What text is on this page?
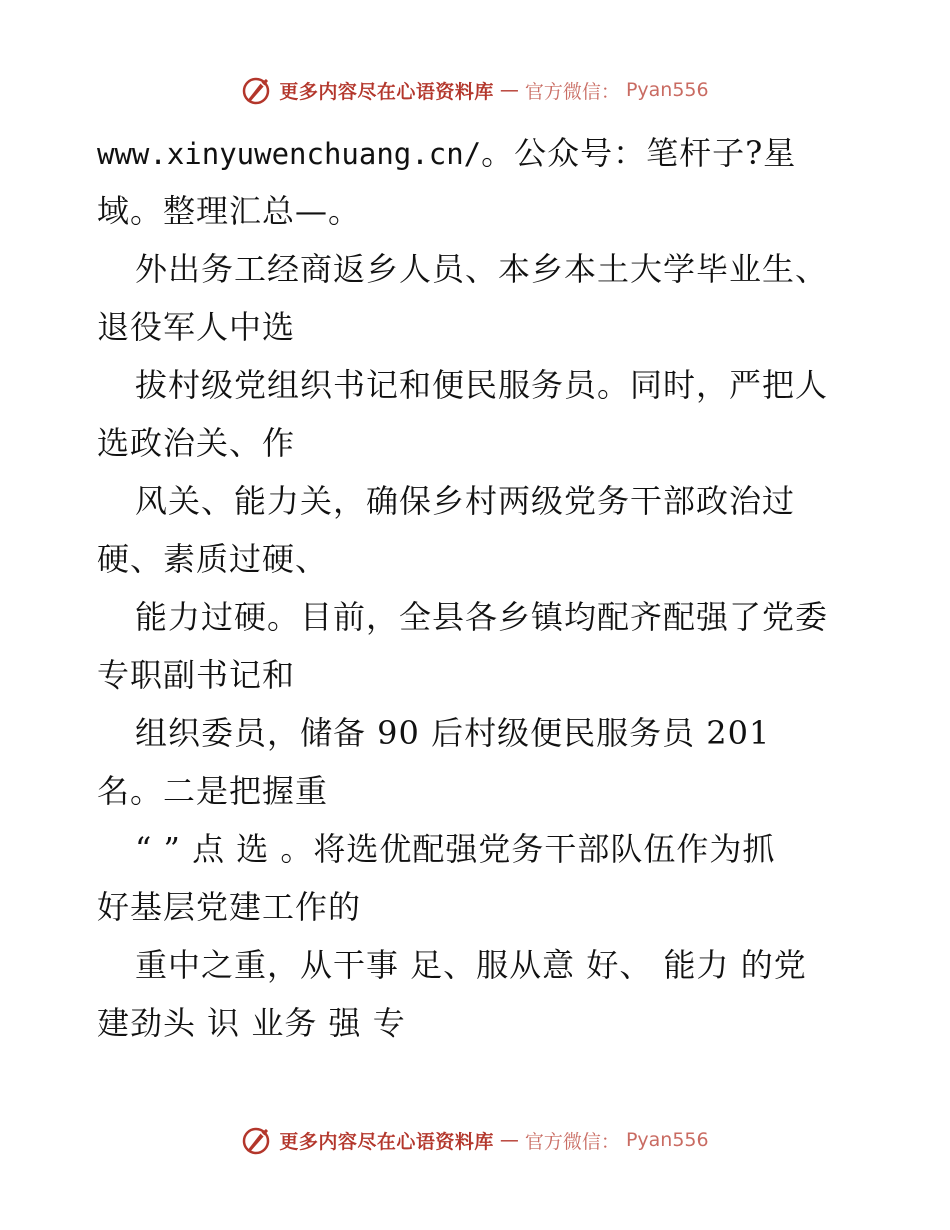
更多内容尽在心语资料库 — 官方微信： Pyan556
www.xinyuwenchuang.cn/。公众号：笔杆子?星
域。整理汇总—。
外出务工经商返乡人员、本乡本土大学毕业生、
退役军人中选
拔村级党组织书记和便民服务员。同时，严把人
选政治关、作
风关、能力关，确保乡村两级党务干部政治过
硬、素质过硬、
能力过硬。目前，全县各乡镇均配齐配强了党委
专职副书记和
组织委员，储备 90 后村级便民服务员 201
名。二是把握重
“ ” 点 选 。将选优配强党务干部队伍作为抓
好基层党建工作的
重中之重，从干事 足、服从意 好、 能力 的党
建劲头 识 业务 强 专
更多内容尽在心语资料库 — 官方微信： Pyan556
